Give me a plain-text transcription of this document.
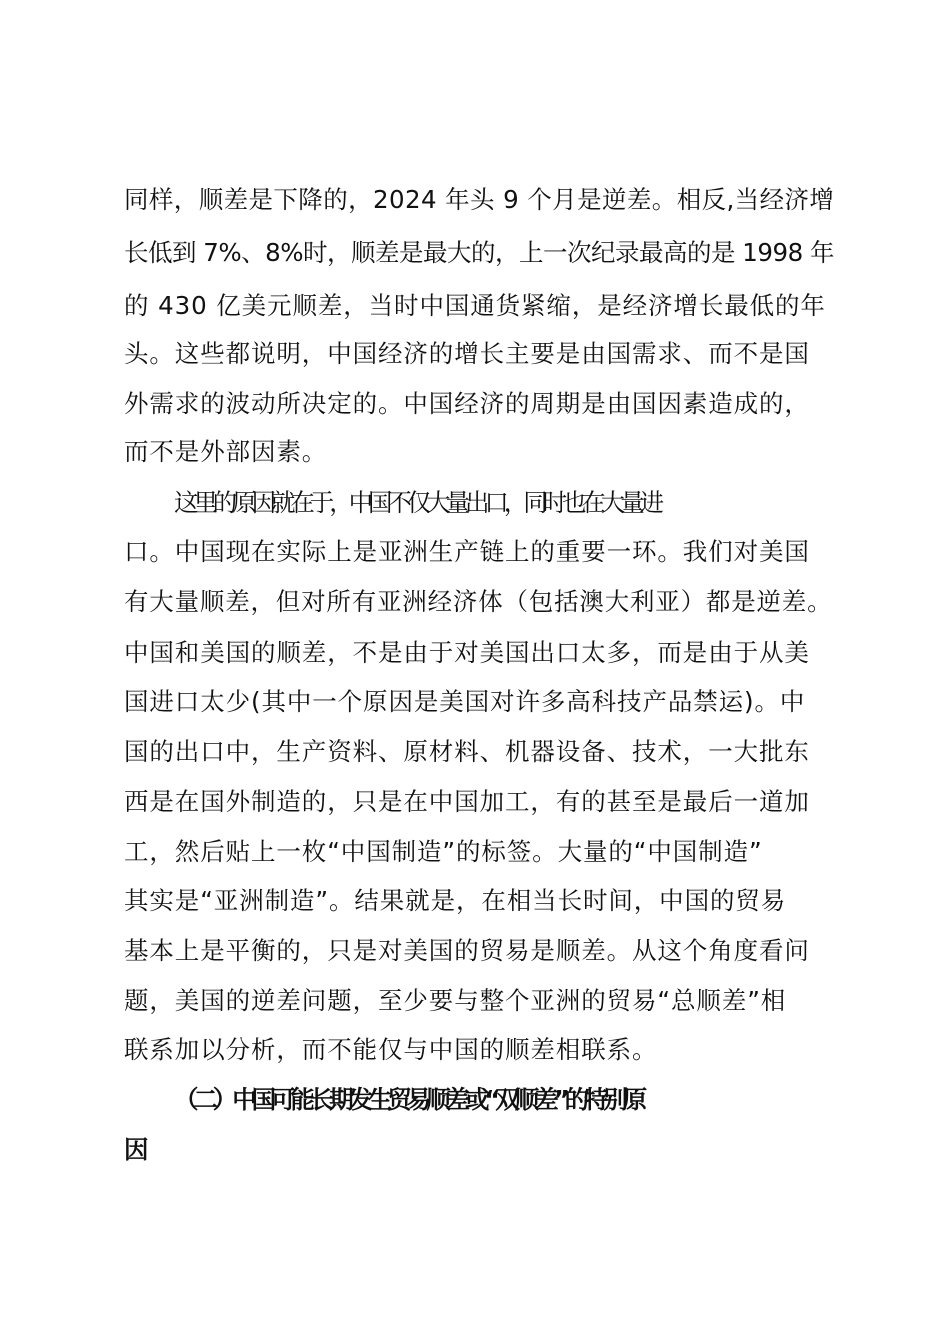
同样，顺差是下降的，2024 年头 9 个月是逆差。相反,当经济增
长低到 7%、8%时，顺差是最大的，上一次纪录最高的是 1998 年
的 430 亿美元顺差，当时中国通货紧缩，是经济增长最低的年
头。这些都说明，中国经济的增长主要是由国需求、而不是国
外需求的波动所决定的。中国经济的周期是由国因素造成的，
而不是外部因素。
这里的原因就在于，中国不仅大量出口，同时也在大量进
口。中国现在实际上是亚洲生产链上的重要一环。我们对美国
有大量顺差，但对所有亚洲经济体（包括澳大利亚）都是逆差。
中国和美国的顺差，不是由于对美国出口太多，而是由于从美
国进口太少(其中一个原因是美国对许多高科技产品禁运)。中
国的出口中，生产资料、原材料、机器设备、技术，一大批东
西是在国外制造的，只是在中国加工，有的甚至是最后一道加
工，然后贴上一枚“中国制造”的标签。大量的“中国制造”
其实是“亚洲制造”。结果就是，在相当长时间，中国的贸易
基本上是平衡的，只是对美国的贸易是顺差。从这个角度看问
题，美国的逆差问题，至少要与整个亚洲的贸易“总顺差”相
联系加以分析，而不能仅与中国的顺差相联系。
（二）中国可能长期发生贸易顺差或“双顺差”的特别原
因
